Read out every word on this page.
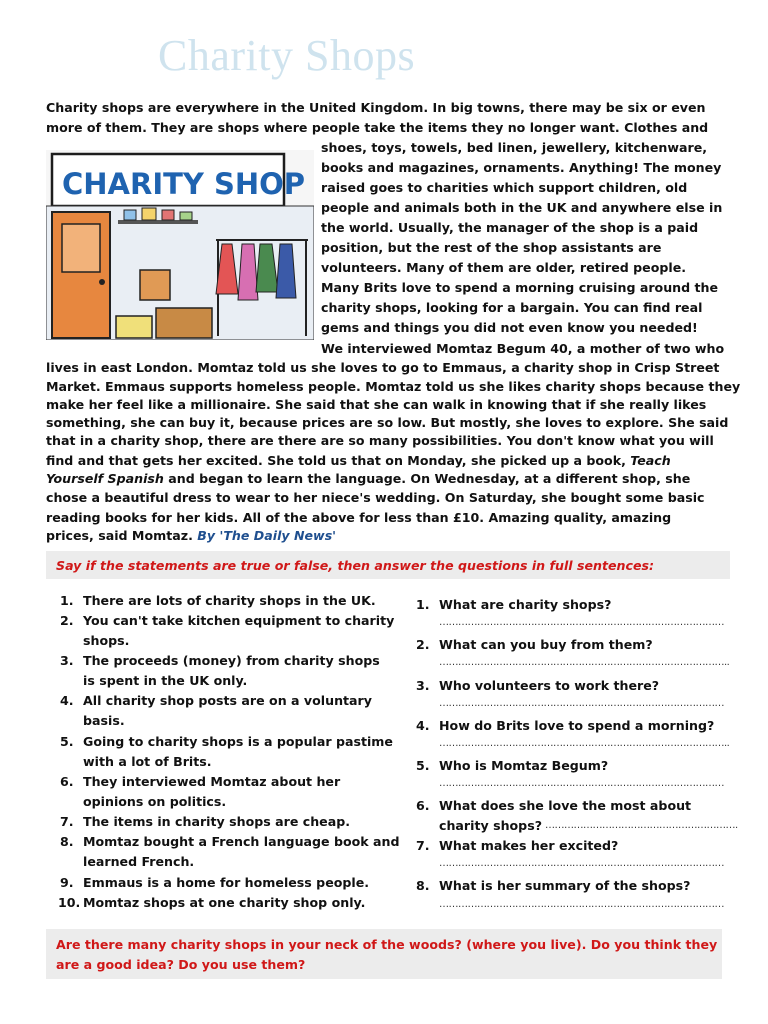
Charity Shops
CHARITY SHOP
Charity shops are everywhere in the United Kingdom. In big towns, there may be six or even
more of them. They are shops where people take the items they no longer want. Clothes and
shoes, toys, towels, bed linen, jewellery, kitchenware,
books and magazines, ornaments. Anything! The money
raised goes to charities which support children, old
people and animals both in the UK and anywhere else in
the world. Usually, the manager of the shop is a paid
position, but the rest of the shop assistants are
volunteers. Many of them are older, retired people.
Many Brits love to spend a morning cruising around the
charity shops, looking for a bargain. You can find real
gems and things you did not even know you needed!
We interviewed Momtaz Begum 40, a mother of two who
lives in east London. Momtaz told us she loves to go to Emmaus, a charity shop in Crisp Street
Market. Emmaus supports homeless people. Momtaz told us she likes charity shops because they
make her feel like a millionaire. She said that she can walk in knowing that if she really likes
something, she can buy it, because prices are so low. But mostly, she loves to explore. She said
that in a charity shop, there are there are so many possibilities. You don't know what you will
find and that gets her excited. She told us that on Monday, she picked up a book, Teach
Yourself Spanish and began to learn the language. On Wednesday, at a different shop, she
chose a beautiful dress to wear to her niece's wedding. On Saturday, she bought some basic
reading books for her kids. All of the above for less than £10. Amazing quality, amazing
prices, said Momtaz. By 'The Daily News'
Say if the statements are true or false, then answer the questions in full sentences:
1. There are lots of charity shops in the UK.
2. You can't take kitchen equipment to charity
shops.
3. The proceeds (money) from charity shops
is spent in the UK only.
4. All charity shop posts are on a voluntary
basis.
5. Going to charity shops is a popular pastime
with a lot of Brits.
6. They interviewed Momtaz about her
opinions on politics.
7. The items in charity shops are cheap.
8. Momtaz bought a French language book and
learned French.
9. Emmaus is a home for homeless people.
10. Momtaz shops at one charity shop only.
1. What are charity shops?
………………………………………………………………………………
2. What can you buy from them?
………………………………………………………………………………..
3. Who volunteers to work there?
………………………………………………………………………………
4. How do Brits love to spend a morning?
………………………………………………………………………………..
5. Who is Momtaz Begum?
………………………………………………………………………………
6. What does she love the most about
charity shops? …………………………………………………….
7. What makes her excited?
………………………………………………………………………………
8. What is her summary of the shops?
………………………………………………………………………………
Are there many charity shops in your neck of the woods? (where you live). Do you think they
are a good idea? Do you use them?
